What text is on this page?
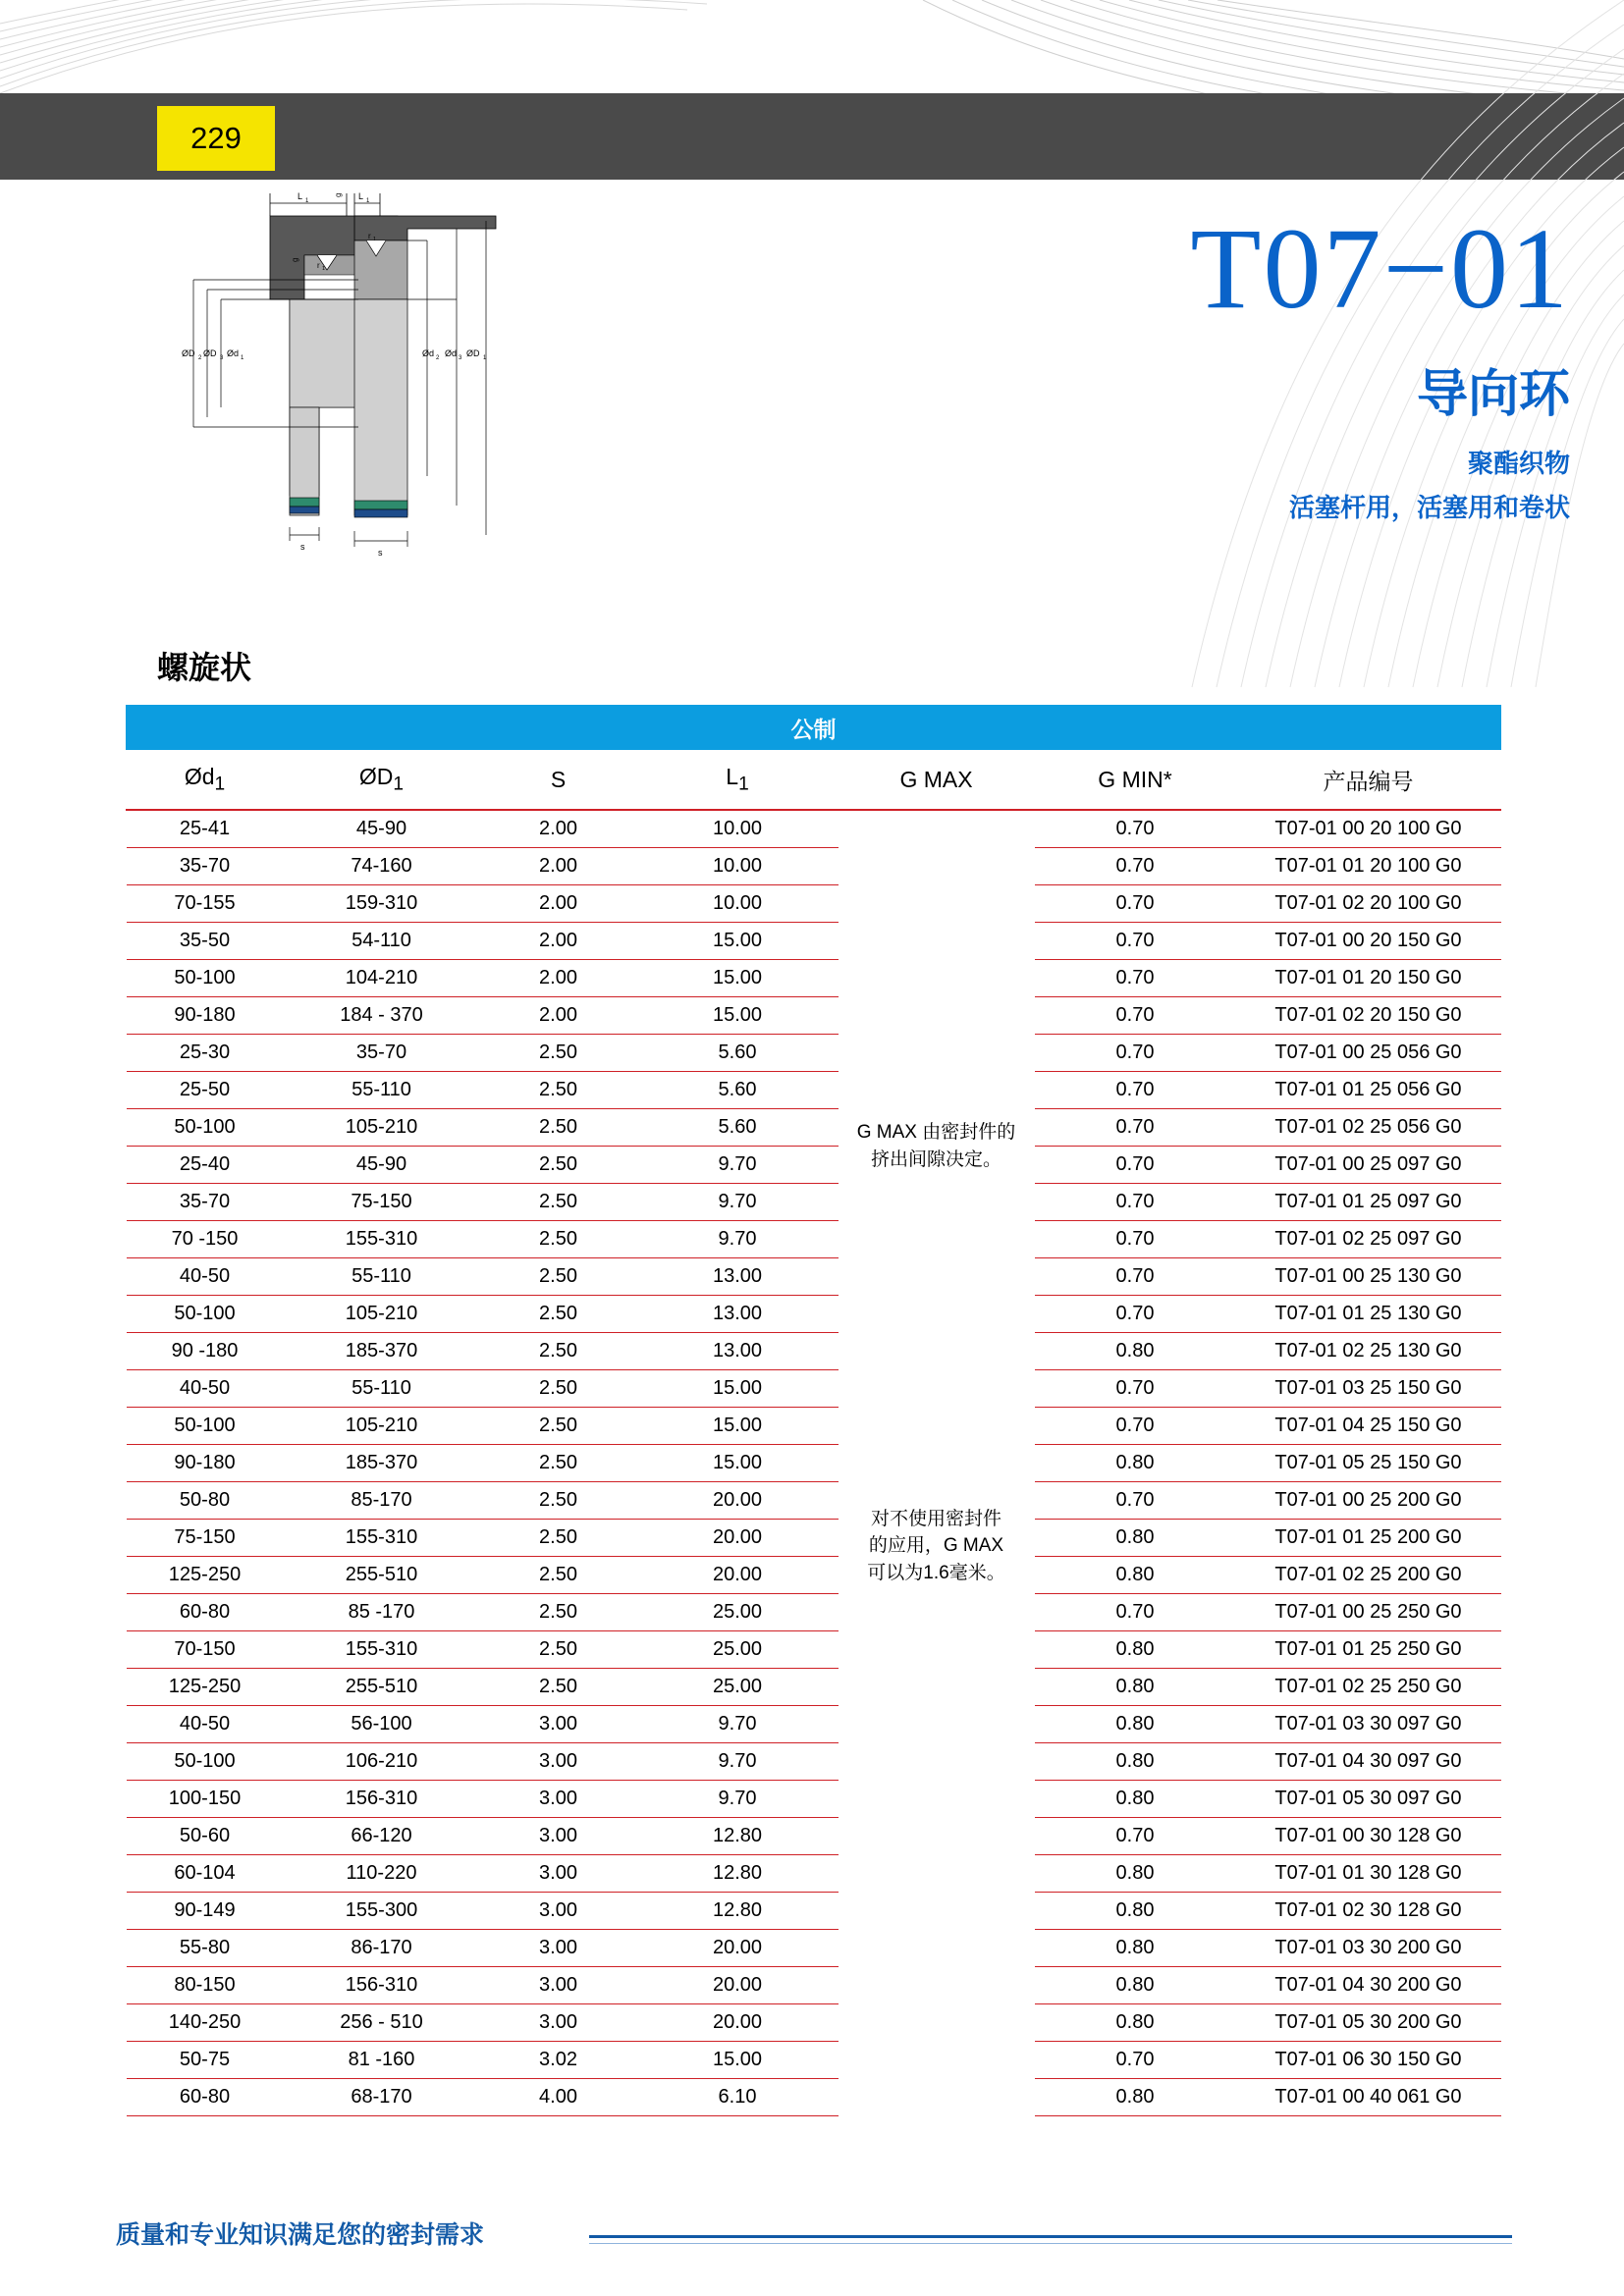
229
L 1	L 1
g
r 1
r 1
g
ØD 2 ØD 3 Ød 1	Ød 2 Ød 3 ØD 1
s
s
T07−01
导向环
聚酯织物
活塞杆用，活塞用和卷状
螺旋状
公制						
$Ød_1$	$ØD_1$	S	$L_1$	G MAX	G MIN*	产品编号
25-41	45-90	2.00	10.00	G MAX 由密封件的挤出间隙决定。	0.70	T07-01 00 20 100 G0
35-70	74-160	2.00	10.00		0.70	T07-01 01 20 100 G0
70-155	159-310	2.00	10.00		0.70	T07-01 02 20 100 G0
35-50	54-110	2.00	15.00		0.70	T07-01 00 20 150 G0
50-100	104-210	2.00	15.00		0.70	T07-01 01 20 150 G0
90-180	184 - 370	2.00	15.00		0.70	T07-01 02 20 150 G0
25-30	35-70	2.50	5.60		0.70	T07-01 00 25 056 G0
25-50	55-110	2.50	5.60		0.70	T07-01 01 25 056 G0
50-100	105-210	2.50	5.60		0.70	T07-01 02 25 056 G0
25-40	45-90	2.50	9.70		0.70	T07-01 00 25 097 G0
35-70	75-150	2.50	9.70		0.70	T07-01 01 25 097 G0
70 -150	155-310	2.50	9.70		0.70	T07-01 02 25 097 G0
40-50	55-110	2.50	13.00		0.70	T07-01 00 25 130 G0
50-100	105-210	2.50	13.00		0.70	T07-01 01 25 130 G0
90 -180	185-370	2.50	13.00		0.80	T07-01 02 25 130 G0
40-50	55-110	2.50	15.00		0.70	T07-01 03 25 150 G0
50-100	105-210	2.50	15.00		0.70	T07-01 04 25 150 G0
90-180	185-370	2.50	15.00		0.80	T07-01 05 25 150 G0
50-80	85-170	2.50	20.00	对不使用密封件
的应用，G MAX
可以为1.6毫米。	0.70	T07-01 00 25 200 G0
75-150	155-310	2.50	20.00		0.80	T07-01 01 25 200 G0
125-250	255-510	2.50	20.00		0.80	T07-01 02 25 200 G0
60-80	85 -170	2.50	25.00		0.70	T07-01 00 25 250 G0
70-150	155-310	2.50	25.00		0.80	T07-01 01 25 250 G0
125-250	255-510	2.50	25.00		0.80	T07-01 02 25 250 G0
40-50	56-100	3.00	9.70		0.80	T07-01 03 30 097 G0
50-100	106-210	3.00	9.70		0.80	T07-01 04 30 097 G0
100-150	156-310	3.00	9.70		0.80	T07-01 05 30 097 G0
50-60	66-120	3.00	12.80		0.70	T07-01 00 30 128 G0
60-104	110-220	3.00	12.80		0.80	T07-01 01 30 128 G0
90-149	155-300	3.00	12.80		0.80	T07-01 02 30 128 G0
55-80	86-170	3.00	20.00		0.80	T07-01 03 30 200 G0
80-150	156-310	3.00	20.00		0.80	T07-01 04 30 200 G0
140-250	256 - 510	3.00	20.00		0.80	T07-01 05 30 200 G0
50-75	81 -160	3.02	15.00		0.70	T07-01 06 30 150 G0
60-80	68-170	4.00	6.10		0.80	T07-01 00 40 061 G0
质量和专业知识满足您的密封需求
